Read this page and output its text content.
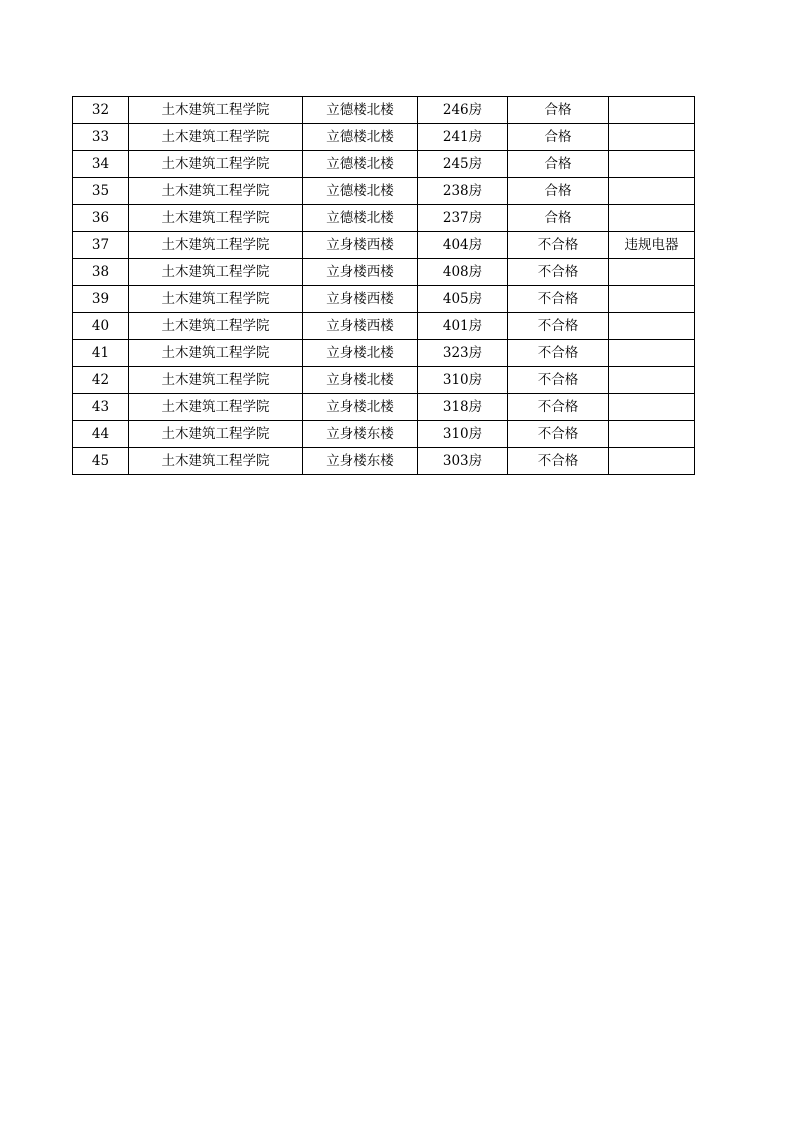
32	土木建筑工程学院	立德楼北楼	246房	合格	
33	土木建筑工程学院	立德楼北楼	241房	合格	
34	土木建筑工程学院	立德楼北楼	245房	合格	
35	土木建筑工程学院	立德楼北楼	238房	合格	
36	土木建筑工程学院	立德楼北楼	237房	合格	
37	土木建筑工程学院	立身楼西楼	404房	不合格	违规电器
38	土木建筑工程学院	立身楼西楼	408房	不合格	
39	土木建筑工程学院	立身楼西楼	405房	不合格	
40	土木建筑工程学院	立身楼西楼	401房	不合格	
41	土木建筑工程学院	立身楼北楼	323房	不合格	
42	土木建筑工程学院	立身楼北楼	310房	不合格	
43	土木建筑工程学院	立身楼北楼	318房	不合格	
44	土木建筑工程学院	立身楼东楼	310房	不合格	
45	土木建筑工程学院	立身楼东楼	303房	不合格	
